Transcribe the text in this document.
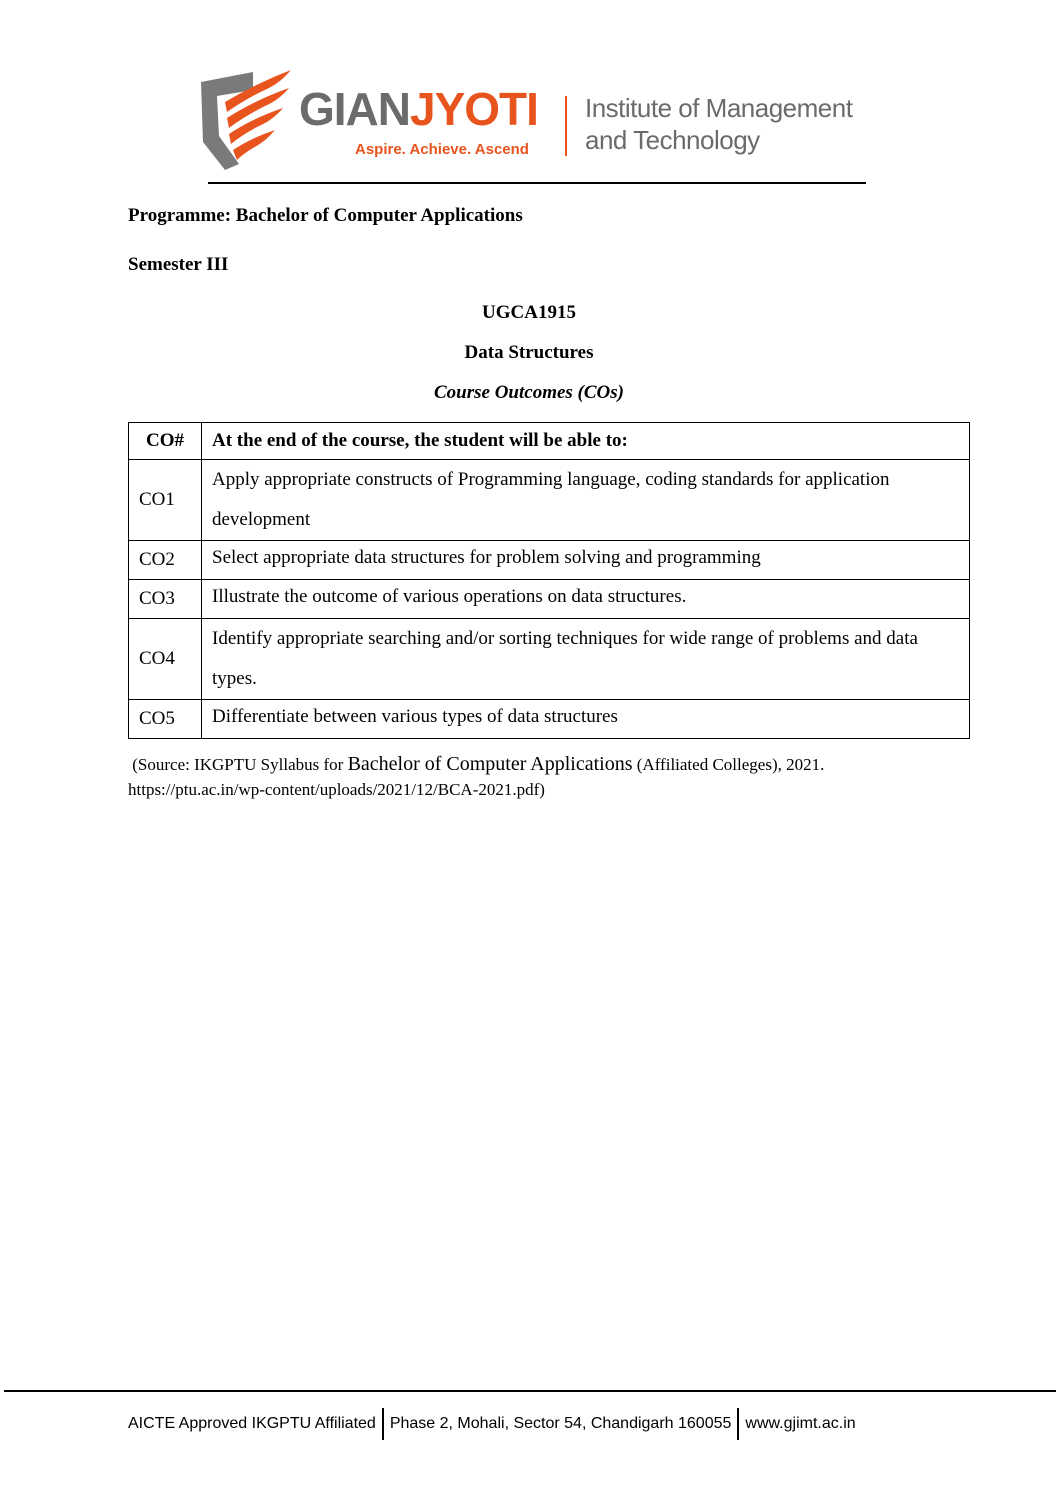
GIANJYOTI
Aspire. Achieve. Ascend
Institute of Management
and Technology
Programme: Bachelor of Computer Applications
Semester III
UGCA1915
Data Structures
Course Outcomes (COs)
CO#	At the end of the course, the student will be able to:
CO1	Apply appropriate constructs of Programming language, coding standards for application development
CO2	Select appropriate data structures for problem solving and programming
CO3	Illustrate the outcome of various operations on data structures.
CO4	Identify appropriate searching and/or sorting techniques for wide range of problems and data types.
CO5	Differentiate between various types of data structures
(Source: IKGPTU Syllabus for Bachelor of Computer Applications (Affiliated Colleges), 2021.
https://ptu.ac.in/wp-content/uploads/2021/12/BCA-2021.pdf)
AICTE Approved IKGPTU Affiliated Phase 2, Mohali, Sector 54, Chandigarh 160055 www.gjimt.ac.in
